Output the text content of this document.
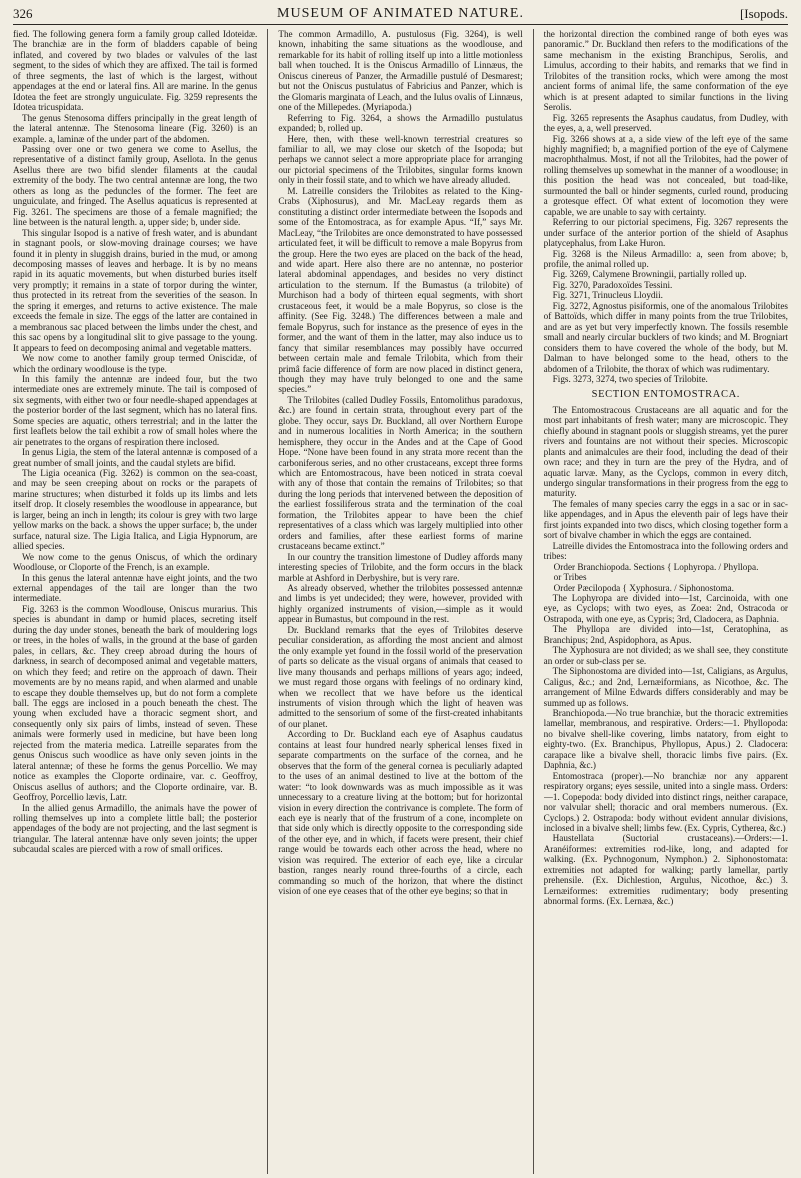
326	MUSEUM OF ANIMATED NATURE.	[Isopods.

fied. The following genera form a family group called Idoteidæ. The branchiæ are in the form of bladders capable of being inflated, and covered by two blades or valvules of the last segment, to the sides of which they are affixed. The tail is formed of three segments, the last of which is the largest, without appendages at the end or lateral fins. All are marine. In the genus Idotea the feet are strongly unguiculate. Fig. 3259 represents the Idotea tricuspidata.

The genus Stenosoma differs principally in the great length of the lateral antennæ. The Stenosoma lineare (Fig. 3260) is an example. a, laminæ of the under part of the abdomen.

Passing over one or two genera we come to Asellus, the representative of a distinct family group, Asellota. In the genus Asellus there are two bifid slender filaments at the caudal extremity of the body. The two central antennæ are long, the two others as long as the peduncles of the former. The feet are unguiculate, and fringed. The Asellus aquaticus is represented at Fig. 3261. The specimens are those of a female magnified; the line between is the natural length. a, upper side; b, under side.

This singular Isopod is a native of fresh water, and is abundant in stagnant pools, or slow-moving drainage courses; we have found it in plenty in sluggish drains, buried in the mud, or among decomposing masses of leaves and herbage. It is by no means rapid in its aquatic movements, but when disturbed buries itself very promptly; it remains in a state of torpor during the winter, thus protected in its retreat from the severities of the season. In the spring it emerges, and returns to active existence. The male exceeds the female in size. The eggs of the latter are contained in a membranous sac placed between the limbs under the chest, and this sac opens by a longitudinal slit to give passage to the young. It appears to feed on decomposing animal and vegetable matters.

We now come to another family group termed Oniscidæ, of which the ordinary woodlouse is the type.

In this family the antennæ are indeed four, but the two intermediate ones are extremely minute. The tail is composed of six segments, with either two or four needle-shaped appendages at the posterior border of the last segment, which has no lateral fins. Some species are aquatic, others terrestrial; and in the latter the first leaflets below the tail exhibit a row of small holes where the air penetrates to the organs of respiration there inclosed.

In genus Ligia, the stem of the lateral antennæ is composed of a great number of small joints, and the caudal stylets are bifid.

The Ligia oceanica (Fig. 3262) is common on the sea-coast, and may be seen creeping about on rocks or the parapets of marine structures; when disturbed it folds up its limbs and lets itself drop. It closely resembles the woodlouse in appearance, but is larger, being an inch in length; its colour is grey with two large yellow marks on the back. a shows the upper surface; b, the under surface, natural size. The Ligia Italica, and Ligia Hypnorum, are allied species.

We now come to the genus Oniscus, of which the ordinary Woodlouse, or Cloporte of the French, is an example.

In this genus the lateral antennæ have eight joints, and the two external appendages of the tail are longer than the two intermediate.

Fig. 3263 is the common Woodlouse, Oniscus murarius. This species is abundant in damp or humid places, secreting itself during the day under stones, beneath the bark of mouldering logs or trees, in the holes of walls, in the ground at the base of garden pales, in cellars, &c. They creep abroad during the hours of darkness, in search of decomposed animal and vegetable matters, on which they feed; and retire on the approach of dawn. Their movements are by no means rapid, and when alarmed and unable to escape they double themselves up, but do not form a complete ball. The eggs are inclosed in a pouch beneath the chest. The young when excluded have a thoracic segment short, and consequently only six pairs of limbs, instead of seven. These animals were formerly used in medicine, but have been long rejected from the materia medica. Latreille separates from the genus Oniscus such woodlice as have only seven joints in the lateral antennæ; of these he forms the genus Porcellio. We may notice as examples the Cloporte ordinaire, var. c. Geoffroy, Oniscus asellus of authors; and the Cloporte ordinaire, var. B. Geoffroy, Porcellio lævis, Latr.

In the allied genus Armadillo, the animals have the power of rolling themselves up into a complete little ball; the posterior appendages of the body are not projecting, and the last segment is triangular. The lateral antennæ have only seven joints; the upper subcaudal scales are pierced with a row of small orifices.

The common Armadillo, A. pustulosus (Fig. 3264), is well known, inhabiting the same situations as the woodlouse, and remarkable for its habit of rolling itself up into a little motionless ball when touched. It is the Oniscus Armadillo of Linnæus, the Oniscus cinereus of Panzer, the Armadille pustulé of Desmarest; but not the Oniscus pustulatus of Fabricius and Panzer, which is the Glomaris marginata of Leach, and the Iulus ovalis of Linnæus, one of the Millepedes. (Myriapoda.)

Referring to Fig. 3264, a shows the Armadillo pustulatus expanded; b, rolled up.

Here, then, with these well-known terrestrial creatures so familiar to all, we may close our sketch of the Isopoda; but perhaps we cannot select a more appropriate place for arranging our pictorial specimens of the Trilobites, singular forms known only in their fossil state, and to which we have already alluded.

M. Latreille considers the Trilobites as related to the King-Crabs (Xiphosurus), and Mr. MacLeay regards them as constituting a distinct order intermediate between the Isopods and some of the Entomostraca, as for example Apus. “If,” says Mr. MacLeay, “the Trilobites are once demonstrated to have possessed articulated feet, it will be difficult to remove a male Bopyrus from the group. Here the two eyes are placed on the back of the head, and wide apart. Here also there are no antennæ, no posterior lateral abdominal appendages, and besides no very distinct articulation to the sternum. If the Bumastus (a trilobite) of Murchison had a body of thirteen equal segments, with short crustaceous feet, it would be a male Bopyrus, so close is the affinity. (See Fig. 3248.) The differences between a male and female Bopyrus, such for instance as the presence of eyes in the former, and the want of them in the latter, may also induce us to fancy that similar resemblances may possibly have occurred between certain male and female Trilobita, which from their primâ facie difference of form are now placed in distinct genera, though they may have truly belonged to one and the same species.”

The Trilobites (called Dudley Fossils, Entomolithus paradoxus, &c.) are found in certain strata, throughout every part of the globe. They occur, says Dr. Buckland, all over Northern Europe and in numerous localities in North America; in the southern hemisphere, they occur in the Andes and at the Cape of Good Hope. “None have been found in any strata more recent than the carboniferous series, and no other crustaceans, except three forms which are Entomostracous, have been noticed in strata coeval with any of those that contain the remains of Trilobites; so that during the long periods that intervened between the deposition of the earliest fossiliferous strata and the termination of the coal formation, the Trilobites appear to have been the chief representatives of a class which was largely multiplied into other orders and families, after these earliest forms of marine crustaceans became extinct.”

In our country the transition limestone of Dudley affords many interesting species of Trilobite, and the form occurs in the black marble at Ashford in Derbyshire, but is very rare.

As already observed, whether the trilobites possessed antennæ and limbs is yet undecided; they were, however, provided with highly organized instruments of vision,—simple as it would appear in Bumastus, but compound in the rest.

Dr. Buckland remarks that the eyes of Trilobites deserve peculiar consideration, as affording the most ancient and almost the only example yet found in the fossil world of the preservation of parts so delicate as the visual organs of animals that ceased to live many thousands and perhaps millions of years ago; indeed, we must regard those organs with feelings of no ordinary kind, when we recollect that we have before us the identical instruments of vision through which the light of heaven was admitted to the sensorium of some of the first-created inhabitants of our planet.

According to Dr. Buckland each eye of Asaphus caudatus contains at least four hundred nearly spherical lenses fixed in separate compartments on the surface of the cornea, and he observes that the form of the general cornea is peculiarly adapted to the uses of an animal destined to live at the bottom of the water: “to look downwards was as much impossible as it was unnecessary to a creature living at the bottom; but for horizontal vision in every direction the contrivance is complete. The form of each eye is nearly that of the frustrum of a cone, incomplete on that side only which is directly opposite to the corresponding side of the other eye, and in which, if facets were present, their chief range would be towards each other across the head, where no vision was required. The exterior of each eye, like a circular bastion, ranges nearly round three-fourths of a circle, each commanding so much of the horizon, that where the distinct vision of one eye ceases that of the other eye begins; so that in

the horizontal direction the combined range of both eyes was panoramic.” Dr. Buckland then refers to the modifications of the same mechanism in the existing Branchipus, Serolis, and Limulus, according to their habits, and remarks that we find in Trilobites of the transition rocks, which were among the most ancient forms of animal life, the same conformation of the eye which is at present adapted to similar functions in the living Serolis.

Fig. 3265 represents the Asaphus caudatus, from Dudley, with the eyes, a, a, well preserved.

Fig. 3266 shows at a, a side view of the left eye of the same highly magnified; b, a magnified portion of the eye of Calymene macrophthalmus. Most, if not all the Trilobites, had the power of rolling themselves up somewhat in the manner of a woodlouse; in this position the head was not concealed, but toad-like, surmounted the ball or hinder segments, curled round, producing a grotesque effect. Of what extent of locomotion they were capable, we are unable to say with certainty.

Referring to our pictorial specimens, Fig. 3267 represents the under surface of the anterior portion of the shield of Asaphus platycephalus, from Lake Huron.

Fig. 3268 is the Nileus Armadillo: a, seen from above; b, profile, the animal rolled up.

Fig. 3269, Calymene Browningii, partially rolled up.

Fig. 3270, Paradoxoïdes Tessini.

Fig. 3271, Trinucleus Lloydii.

Fig. 3272, Agnostus pisiformis, one of the anomalous Trilobites of Battoïds, which differ in many points from the true Trilobites, and are as yet but very imperfectly known. The fossils resemble small and nearly circular bucklers of two kinds; and M. Brogniart considers them to have covered the whole of the body, but M. Dalman to have belonged some to the head, others to the abdomen of a Trilobite, the thorax of which was rudimentary.

Figs. 3273, 3274, two species of Trilobite.

SECTION ENTOMOSTRACA.

The Entomostracous Crustaceans are all aquatic and for the most part inhabitants of fresh water; many are microscopic. They chiefly abound in stagnant pools or sluggish streams, yet the purer rivers and fountains are not without their species. Microscopic plants and animalcules are their food, including the dead of their own race; and they in turn are the prey of the Hydra, and of aquatic larvæ. Many, as the Cyclops, common in every ditch, undergo singular transformations in their progress from the egg to maturity.

The females of many species carry the eggs in a sac or in sac-like appendages, and in Apus the eleventh pair of legs have their first joints expanded into two discs, which closing together form a sort of bivalve chamber in which the eggs are contained.

Latreille divides the Entomostraca into the following orders and tribes:

Order Branchiopoda. Sections { Lophyropa. / Phyllopa.

or Tribes

Order Pæcilopoda { Xyphosura. / Siphonostoma.

The Lophyropa are divided into—1st, Carcinoida, with one eye, as Cyclops; with two eyes, as Zoea: 2nd, Ostracoda or Ostrapoda, with one eye, as Cypris; 3rd, Cladocera, as Daphnia.

The Phyllopa are divided into—1st, Ceratophina, as Branchipus; 2nd, Aspidophora, as Apus.

The Xyphosura are not divided; as we shall see, they constitute an order or sub-class per se.

The Siphonostoma are divided into—1st, Caligians, as Argulus, Caligus, &c.; and 2nd, Lernæiformians, as Nicothoe, &c. The arrangement of Milne Edwards differs considerably and may be summed up as follows.

Branchiopoda.—No true branchiæ, but the thoracic extremities lamellar, membranous, and respirative. Orders:—1. Phyllopoda: no bivalve shell-like covering, limbs natatory, from eight to eighty-two. (Ex. Branchipus, Phyllopus, Apus.) 2. Cladocera: carapace like a bivalve shell, thoracic limbs five pairs. (Ex. Daphnia, &c.)

Entomostraca (proper).—No branchiæ nor any apparent respiratory organs; eyes sessile, united into a single mass. Orders:—1. Copepoda: body divided into distinct rings, neither carapace, nor valvular shell; thoracic and oral members numerous. (Ex. Cyclops.) 2. Ostrapoda: body without evident annular divisions, inclosed in a bivalve shell; limbs few. (Ex. Cypris, Cytherea, &c.)

Haustellata (Suctorial crustaceans).—Orders:—1. Aranéiformes: extremities rod-like, long, and adapted for walking. (Ex. Pychnogonum, Nymphon.) 2. Siphonostomata: extremities not adapted for walking; partly lamellar, partly prehensile. (Ex. Dichlestion, Argulus, Nicothoe, &c.) 3. Lernæiformes: extremities rudimentary; body presenting abnormal forms. (Ex. Lernæa, &c.)
